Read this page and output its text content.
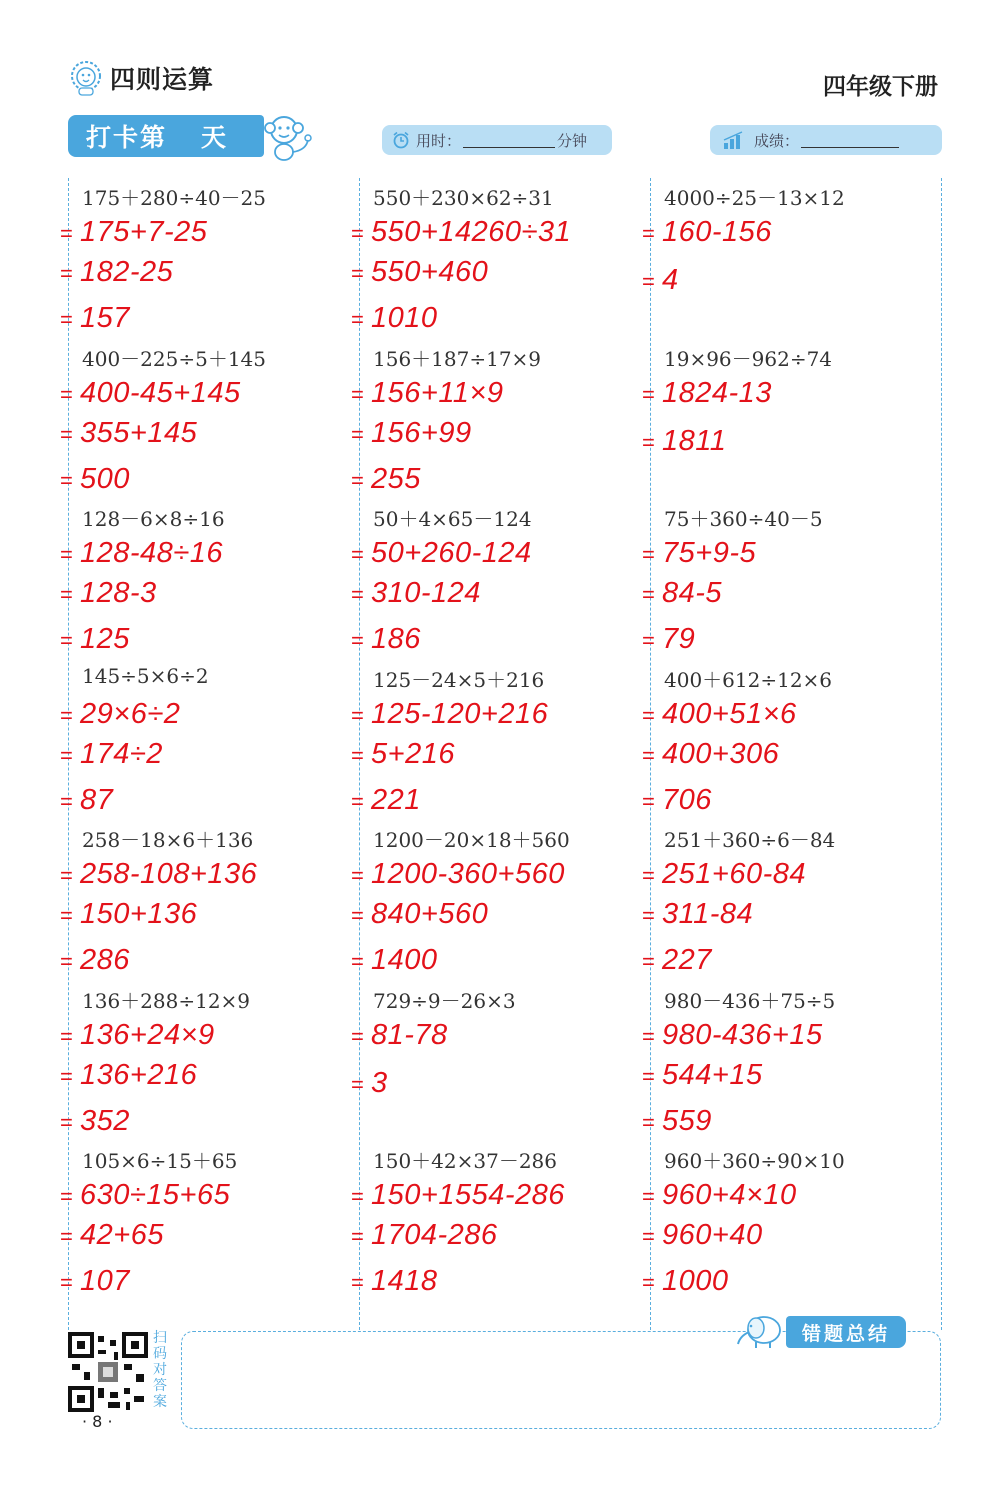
四则运算	四年级下册
打卡第 天	用时：	分钟	成绩：
175＋280÷40－25
= 175+7-25
= 182-25
= 157
400－225÷5＋145
= 400-45+145
= 355+145
= 500
128－6×8÷16
= 128-48÷16
= 128-3
= 125
145÷5×6÷2
= 29×6÷2
= 174÷2
= 87
258－18×6＋136
= 258-108+136
= 150+136
= 286
136＋288÷12×9
= 136+24×9
= 136+216
= 352
105×6÷15＋65
= 630÷15+65
= 42+65
= 107
550＋230×62÷31
= 550+14260÷31
= 550+460
= 1010
156＋187÷17×9
= 156+11×9
= 156+99
= 255
50＋4×65－124
= 50+260-124
= 310-124
= 186
125－24×5＋216
= 125-120+216
= 5+216
= 221
1200－20×18＋560
= 1200-360+560
= 840+560
= 1400
729÷9－26×3
= 81-78
= 3
150＋42×37－286
= 150+1554-286
= 1704-286
= 1418
4000÷25－13×12
= 160-156
= 4
19×96－962÷74
= 1824-13
= 1811
75＋360÷40－5
= 75+9-5
= 84-5
= 79
400＋612÷12×6
= 400+51×6
= 400+306
= 706
251＋360÷6－84
= 251+60-84
= 311-84
= 227
980－436＋75÷5
= 980-436+15
= 544+15
= 559
960＋360÷90×10
= 960+4×10
= 960+40
= 1000
扫
码
对
答
案
· 8 ·
错题总结
